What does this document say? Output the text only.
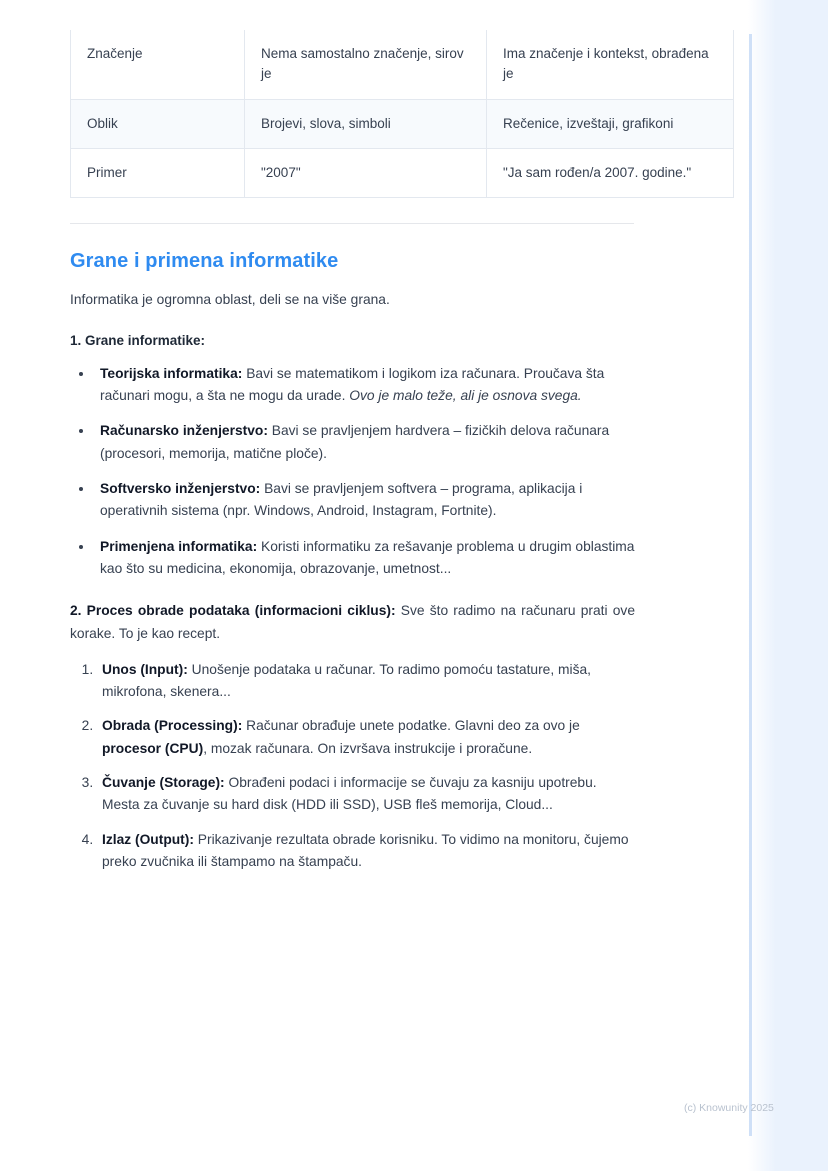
Značenje	Nema samostalno značenje, sirov je	Ima značenje i kontekst, obrađena je
Oblik	Brojevi, slova, simboli	Rečenice, izveštaji, grafikoni
Primer	"2007"	"Ja sam rođen/a 2007. godine."
Grane i primena informatike

Informatika je ogromna oblast, deli se na više grana.

1. Grane informatike:

• Teorijska informatika: Bavi se matematikom i logikom iza računara. Proučava šta računari mogu, a šta ne mogu da urade. Ovo je malo teže, ali je osnova svega.
• Računarsko inženjerstvo: Bavi se pravljenjem hardvera – fizičkih delova računara (procesori, memorija, matične ploče).
• Softversko inženjerstvo: Bavi se pravljenjem softvera – programa, aplikacija i operativnih sistema (npr. Windows, Android, Instagram, Fortnite).
• Primenjena informatika: Koristi informatiku za rešavanje problema u drugim oblastima kao što su medicina, ekonomija, obrazovanje, umetnost...

2. Proces obrade podataka (informacioni ciklus): Sve što radimo na računaru prati ove korake. To je kao recept.

1. Unos (Input): Unošenje podataka u računar. To radimo pomoću tastature, miša, mikrofona, skenera...
2. Obrada (Processing): Računar obrađuje unete podatke. Glavni deo za ovo je procesor (CPU), mozak računara. On izvršava instrukcije i proračune.
3. Čuvanje (Storage): Obrađeni podaci i informacije se čuvaju za kasniju upotrebu. Mesta za čuvanje su hard disk (HDD ili SSD), USB fleš memorija, Cloud...
4. Izlaz (Output): Prikazivanje rezultata obrade korisniku. To vidimo na monitoru, čujemo preko zvučnika ili štampamo na štampaču.
(c) Knowunity 2025
